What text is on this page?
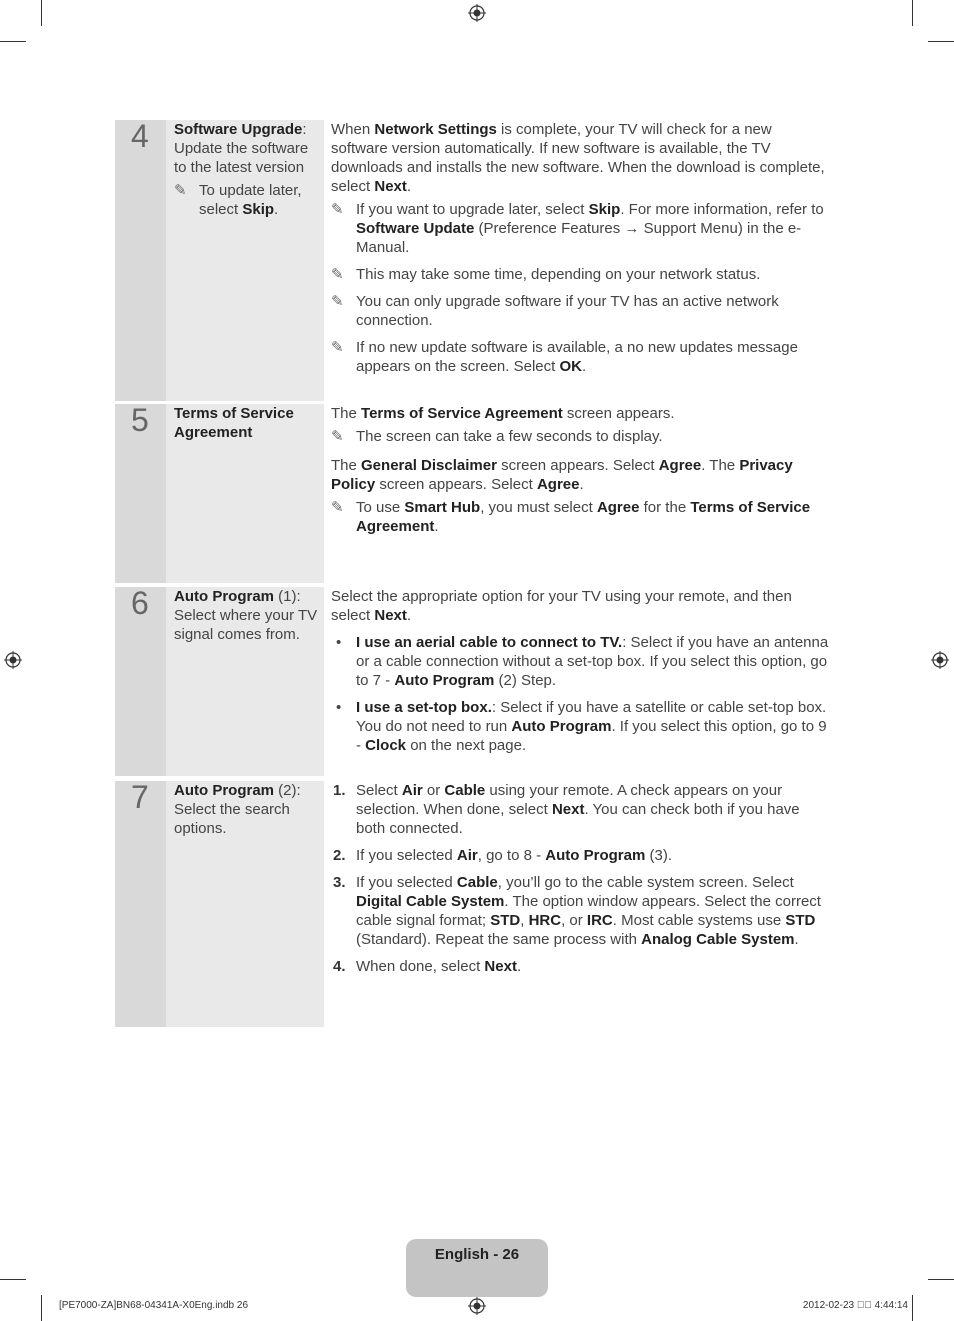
4 Software Upgrade: Update the software to the latest version
✎ To update later, select Skip.
When Network Settings is complete, your TV will check for a new software version automatically. If new software is available, the TV downloads and installs the new software. When the download is complete, select Next.
✎ If you want to upgrade later, select Skip. For more information, refer to Software Update (Preference Features → Support Menu) in the e-Manual.
✎ This may take some time, depending on your network status.
✎ You can only upgrade software if your TV has an active network connection.
✎ If no new update software is available, a no new updates message appears on the screen. Select OK.
5 Terms of Service Agreement
The Terms of Service Agreement screen appears.
✎ The screen can take a few seconds to display.
The General Disclaimer screen appears. Select Agree. The Privacy Policy screen appears. Select Agree.
✎ To use Smart Hub, you must select Agree for the Terms of Service Agreement.
6 Auto Program (1): Select where your TV signal comes from.
Select the appropriate option for your TV using your remote, and then select Next.
• I use an aerial cable to connect to TV.: Select if you have an antenna or a cable connection without a set-top box. If you select this option, go to 7 - Auto Program (2) Step.
• I use a set-top box.: Select if you have a satellite or cable set-top box. You do not need to run Auto Program. If you select this option, go to 9 - Clock on the next page.
7 Auto Program (2): Select the search options.
1. Select Air or Cable using your remote. A check appears on your selection. When done, select Next. You can check both if you have both connected.
2. If you selected Air, go to 8 - Auto Program (3).
3. If you selected Cable, you’ll go to the cable system screen. Select Digital Cable System. The option window appears. Select the correct cable signal format; STD, HRC, or IRC. Most cable systems use STD (Standard). Repeat the same process with Analog Cable System.
4. When done, select Next.
English - 26
[PE7000-ZA]BN68-04341A-X0Eng.indb 26	2012-02-23 ￿￿ 4:44:14
